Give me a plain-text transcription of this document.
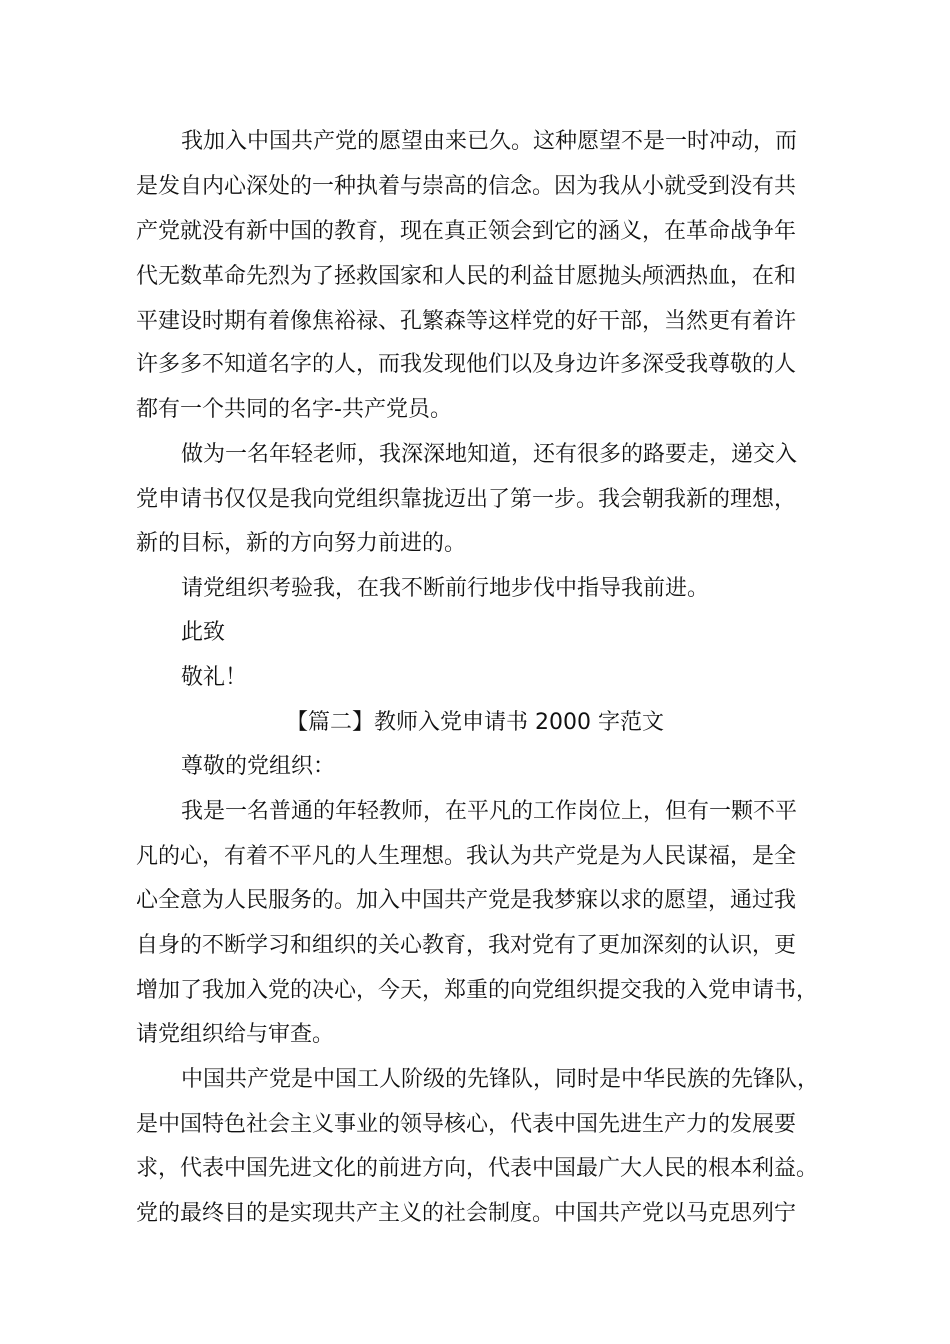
我加入中国共产党的愿望由来已久。这种愿望不是一时冲动，而
是发自内心深处的一种执着与崇高的信念。因为我从小就受到没有共
产党就没有新中国的教育，现在真正领会到它的涵义，在革命战争年
代无数革命先烈为了拯救国家和人民的利益甘愿抛头颅洒热血，在和
平建设时期有着像焦裕禄、孔繁森等这样党的好干部，当然更有着许
许多多不知道名字的人，而我发现他们以及身边许多深受我尊敬的人
都有一个共同的名字-共产党员。
做为一名年轻老师，我深深地知道，还有很多的路要走，递交入
党申请书仅仅是我向党组织靠拢迈出了第一步。我会朝我新的理想，
新的目标，新的方向努力前进的。
请党组织考验我，在我不断前行地步伐中指导我前进。
此致
敬礼！
【篇二】教师入党申请书 2000 字范文
尊敬的党组织：
我是一名普通的年轻教师，在平凡的工作岗位上，但有一颗不平
凡的心，有着不平凡的人生理想。我认为共产党是为人民谋福，是全
心全意为人民服务的。加入中国共产党是我梦寐以求的愿望，通过我
自身的不断学习和组织的关心教育，我对党有了更加深刻的认识，更
增加了我加入党的决心，今天，郑重的向党组织提交我的入党申请书，
请党组织给与审查。
中国共产党是中国工人阶级的先锋队，同时是中华民族的先锋队，
是中国特色社会主义事业的领导核心，代表中国先进生产力的发展要
求，代表中国先进文化的前进方向，代表中国最广大人民的根本利益。
党的最终目的是实现共产主义的社会制度。中国共产党以马克思列宁
